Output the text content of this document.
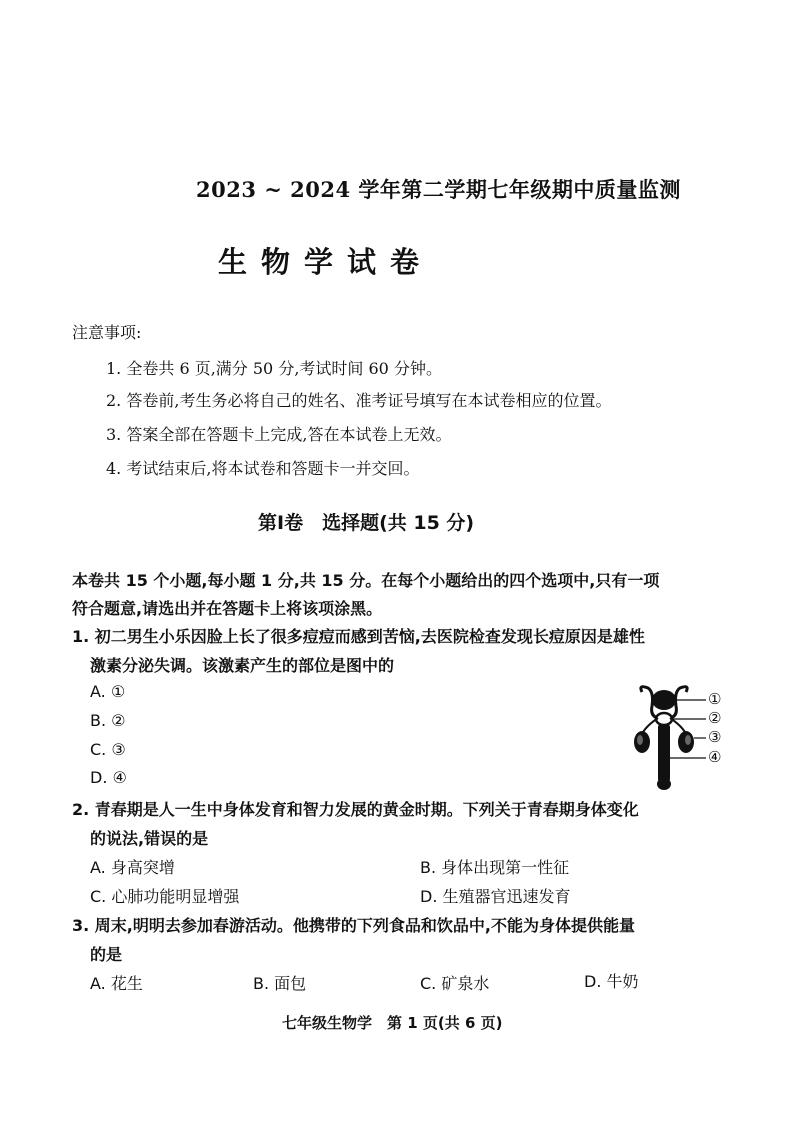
2023 ~ 2024 学年第二学期七年级期中质量监测
生物学试卷
注意事项:
1. 全卷共 6 页,满分 50 分,考试时间 60 分钟。
2. 答卷前,考生务必将自己的姓名、准考证号填写在本试卷相应的位置。
3. 答案全部在答题卡上完成,答在本试卷上无效。
4. 考试结束后,将本试卷和答题卡一并交回。
第Ⅰ卷　选择题(共 15 分)
本卷共 15 个小题,每小题 1 分,共 15 分。在每个小题给出的四个选项中,只有一项
符合题意,请选出并在答题卡上将该项涂黑。
1. 初二男生小乐因脸上长了很多痘痘而感到苦恼,去医院检查发现长痘原因是雄性
激素分泌失调。该激素产生的部位是图中的
A. ①
B. ②
C. ③
D. ④
①
②
③
④
2. 青春期是人一生中身体发育和智力发展的黄金时期。下列关于青春期身体变化
的说法,错误的是
A. 身高突增	B. 身体出现第一性征
C. 心肺功能明显增强	D. 生殖器官迅速发育
3. 周末,明明去参加春游活动。他携带的下列食品和饮品中,不能为身体提供能量
的是
A. 花生	B. 面包	C. 矿泉水	D. 牛奶
七年级生物学　第 1 页(共 6 页)
